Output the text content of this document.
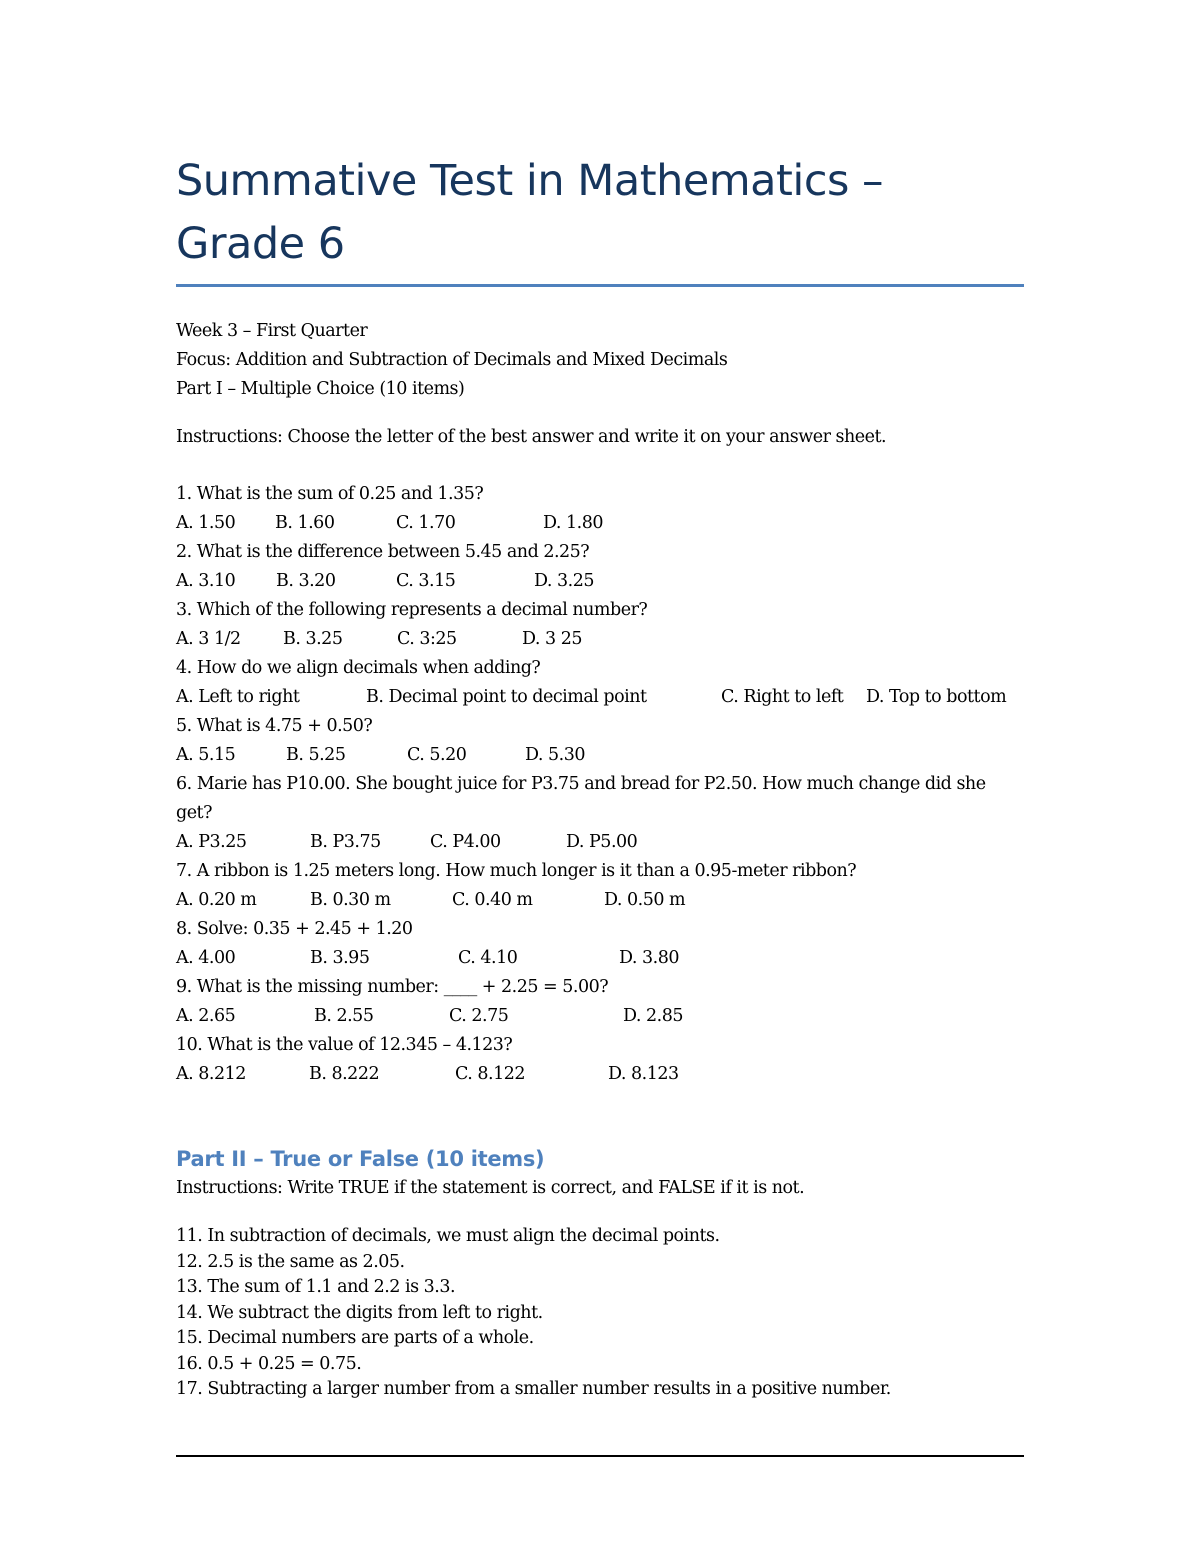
Summative Test in Mathematics –
Grade 6
Week 3 – First Quarter
Focus: Addition and Subtraction of Decimals and Mixed Decimals
Part I – Multiple Choice (10 items)
Instructions: Choose the letter of the best answer and write it on your answer sheet.
1. What is the sum of 0.25 and 1.35?
A. 1.50 B. 1.60	C. 1.70	D. 1.80
2. What is the difference between 5.45 and 2.25?
A. 3.10 B. 3.20	C. 3.15	D. 3.25
3. Which of the following represents a decimal number?
A. 3 1/2 B. 3.25	C. 3:25	D. 3 25
4. How do we align decimals when adding?
A. Left to right	B. Decimal point to decimal point	C. Right to left D. Top to bottom
5. What is 4.75 + 0.50?
A. 5.15	B. 5.25	C. 5.20	D. 5.30
6. Marie has P10.00. She bought juice for P3.75 and bread for P2.50. How much change did she get?
A. P3.25	B. P3.75	C. P4.00	D. P5.00
7. A ribbon is 1.25 meters long. How much longer is it than a 0.95-meter ribbon?
A. 0.20 m	B. 0.30 m	C. 0.40 m	D. 0.50 m
8. Solve: 0.35 + 2.45 + 1.20
A. 4.00	B. 3.95	C. 4.10	D. 3.80
9. What is the missing number: ____ + 2.25 = 5.00?
A. 2.65	B. 2.55	C. 2.75	D. 2.85
10. What is the value of 12.345 – 4.123?
A. 8.212	B. 8.222	C. 8.122	D. 8.123
Part II – True or False (10 items)
Instructions: Write TRUE if the statement is correct, and FALSE if it is not.
11. In subtraction of decimals, we must align the decimal points.
12. 2.5 is the same as 2.05.
13. The sum of 1.1 and 2.2 is 3.3.
14. We subtract the digits from left to right.
15. Decimal numbers are parts of a whole.
16. 0.5 + 0.25 = 0.75.
17. Subtracting a larger number from a smaller number results in a positive number.
